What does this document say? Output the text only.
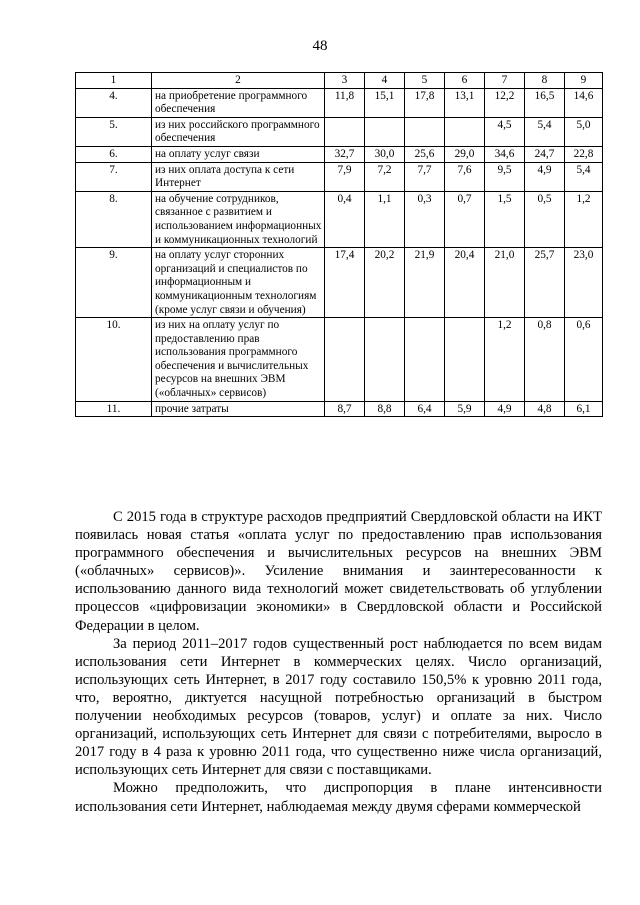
48
1	2	3	4	5	6	7	8	9
4.	на приобретение программного обеспечения	11,8	15,1	17,8	13,1	12,2	16,5	14,6
5.	из них российского программного обеспечения					4,5	5,4	5,0
6.	на оплату услуг связи	32,7	30,0	25,6	29,0	34,6	24,7	22,8
7.	из них оплата доступа к сети Интернет	7,9	7,2	7,7	7,6	9,5	4,9	5,4
8.	на обучение сотрудников, связанное с развитием и использованием информационных и коммуникационных технологий	0,4	1,1	0,3	0,7	1,5	0,5	1,2
9.	на оплату услуг сторонних организаций и специалистов по информационным и коммуникационным технологиям (кроме услуг связи и обучения)	17,4	20,2	21,9	20,4	21,0	25,7	23,0
10.	из них на оплату услуг по предоставлению прав использования программного обеспечения и вычислительных ресурсов на внешних ЭВМ («облачных» сервисов)					1,2	0,8	0,6
11.	прочие затраты	8,7	8,8	6,4	5,9	4,9	4,8	6,1

С 2015 года в структуре расходов предприятий Свердловской области на ИКТ появилась новая статья «оплата услуг по предоставлению прав использования программного обеспечения и вычислительных ресурсов на внешних ЭВМ («облачных» сервисов)». Усиление внимания и заинтересованности к использованию данного вида технологий может свидетельствовать об углублении процессов «цифровизации экономики» в Свердловской области и Российской Федерации в целом.

За период 2011–2017 годов существенный рост наблюдается по всем видам использования сети Интернет в коммерческих целях. Число организаций, использующих сеть Интернет, в 2017 году составило 150,5% к уровню 2011 года, что, вероятно, диктуется насущной потребностью организаций в быстром получении необходимых ресурсов (товаров, услуг) и оплате за них. Число организаций, использующих сеть Интернет для связи с потребителями, выросло в 2017 году в 4 раза к уровню 2011 года, что существенно ниже числа организаций, использующих сеть Интернет для связи с поставщиками.

Можно предположить, что диспропорция в плане интенсивности использования сети Интернет, наблюдаемая между двумя сферами коммерческой
